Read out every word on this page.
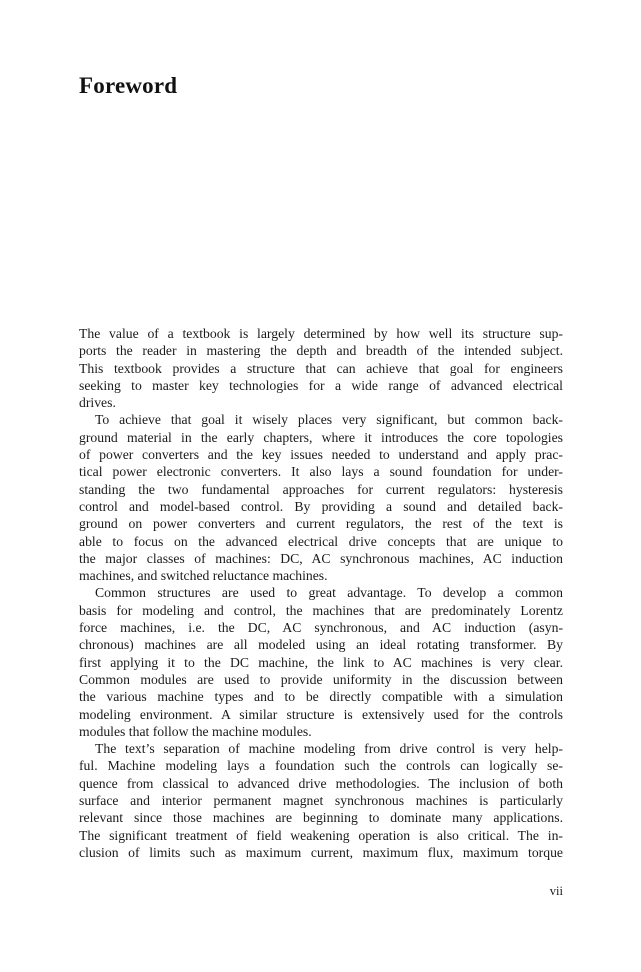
Foreword
The value of a textbook is largely determined by how well its structure sup-
ports the reader in mastering the depth and breadth of the intended subject.
This textbook provides a structure that can achieve that goal for engineers
seeking to master key technologies for a wide range of advanced electrical
drives.
To achieve that goal it wisely places very significant, but common back-
ground material in the early chapters, where it introduces the core topologies
of power converters and the key issues needed to understand and apply prac-
tical power electronic converters. It also lays a sound foundation for under-
standing the two fundamental approaches for current regulators: hysteresis
control and model-based control. By providing a sound and detailed back-
ground on power converters and current regulators, the rest of the text is
able to focus on the advanced electrical drive concepts that are unique to
the major classes of machines: DC, AC synchronous machines, AC induction
machines, and switched reluctance machines.
Common structures are used to great advantage. To develop a common
basis for modeling and control, the machines that are predominately Lorentz
force machines, i.e. the DC, AC synchronous, and AC induction (asyn-
chronous) machines are all modeled using an ideal rotating transformer. By
first applying it to the DC machine, the link to AC machines is very clear.
Common modules are used to provide uniformity in the discussion between
the various machine types and to be directly compatible with a simulation
modeling environment. A similar structure is extensively used for the controls
modules that follow the machine modules.
The text’s separation of machine modeling from drive control is very help-
ful. Machine modeling lays a foundation such the controls can logically se-
quence from classical to advanced drive methodologies. The inclusion of both
surface and interior permanent magnet synchronous machines is particularly
relevant since those machines are beginning to dominate many applications.
The significant treatment of field weakening operation is also critical. The in-
clusion of limits such as maximum current, maximum flux, maximum torque
vii
